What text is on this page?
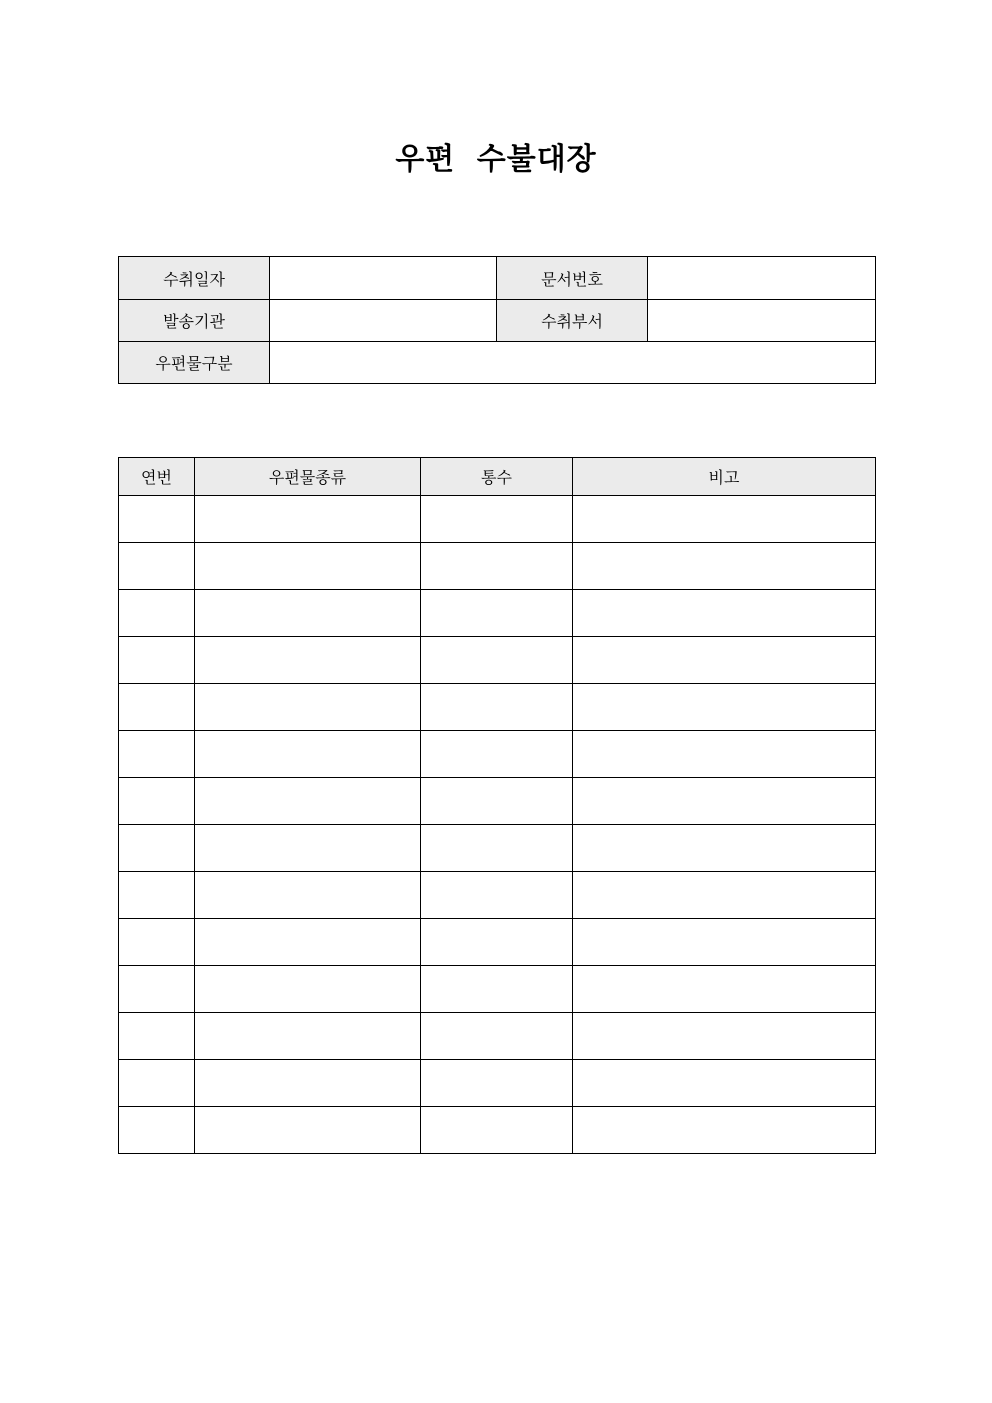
우편 수불대장
수취일자		문서번호	
발송기관		수취부서	
우편물구분			
연번	우편물종류	통수	비고
